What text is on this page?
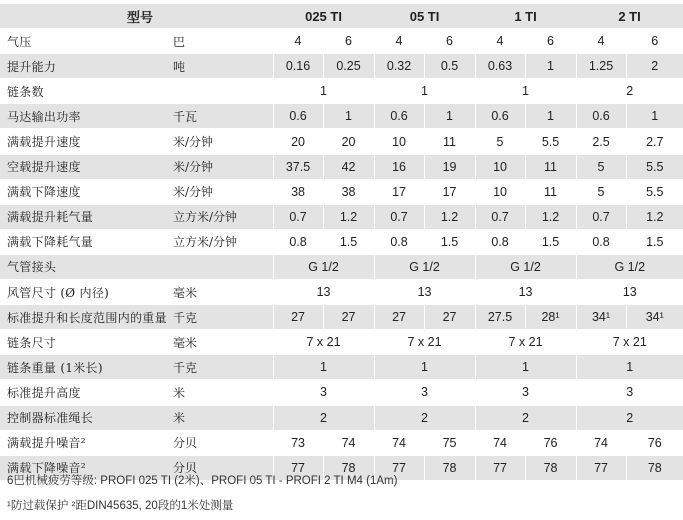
型号		025 TI		05 TI		1 TI		2 TI	
气压	巴	4	6	4	6	4	6	4	6
提升能力	吨	0.16	0.25	0.32	0.5	0.63	1	1.25	2
链条数		1		1		1		2	
马达输出功率	千瓦	0.6	1	0.6	1	0.6	1	0.6	1
满载提升速度	米/分钟	20	20	10	11	5	5.5	2.5	2.7
空载提升速度	米/分钟	37.5	42	16	19	10	11	5	5.5
满载下降速度	米/分钟	38	38	17	17	10	11	5	5.5
满载提升耗气量	立方米/分钟	0.7	1.2	0.7	1.2	0.7	1.2	0.7	1.2
满载下降耗气量	立方米/分钟	0.8	1.5	0.8	1.5	0.8	1.5	0.8	1.5
气管接头		G 1/2		G 1/2		G 1/2		G 1/2	
风管尺寸 (Ø 内径)	毫米	13		13		13		13	
标准提升和长度范围内的重量	千克	27	27	27	27	27.5	28¹	34¹	34¹
链条尺寸	毫米	7 x 21		7 x 21		7 x 21		7 x 21	
链条重量 (1米长)	千克	1		1		1		1	
标准提升高度	米	3		3		3		3	
控制器标准绳长	米	2		2		2		2	
满载提升噪音²	分贝	73	74	74	75	74	76	74	76
满载下降噪音²	分贝	77	78	77	78	77	78	77	78
6巴机械疲劳等级: PROFI 025 TI (2米)、PROFI 05 TI - PROFI 2 TI M4 (1Am)
¹防过载保护 ²距DIN45635, 20段的1米处测量
